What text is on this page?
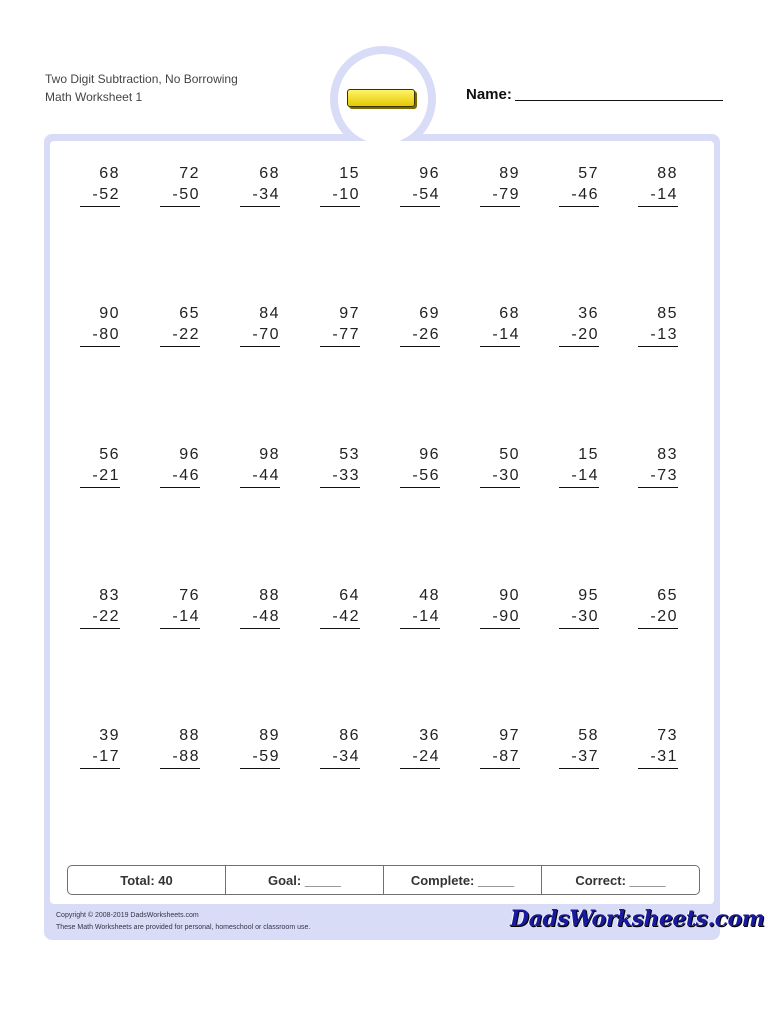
Two Digit Subtraction, No Borrowing
Math Worksheet 1	Name:
68
-52
72
-50
68
-34
15
-10
96
-54
89
-79
57
-46
88
-14
90
-80
65
-22
84
-70
97
-77
69
-26
68
-14
36
-20
85
-13
56
-21
96
-46
98
-44
53
-33
96
-56
50
-30
15
-14
83
-73
83
-22
76
-14
88
-48
64
-42
48
-14
90
-90
95
-30
65
-20
39
-17
88
-88
89
-59
86
-34
36
-24
97
-87
58
-37
73
-31
Total: 40	Goal: _____	Complete: _____	Correct: _____
Copyright © 2008-2019 DadsWorksheets.com
These Math Worksheets are provided for personal, homeschool or classroom use.	DadsWorksheets.com
